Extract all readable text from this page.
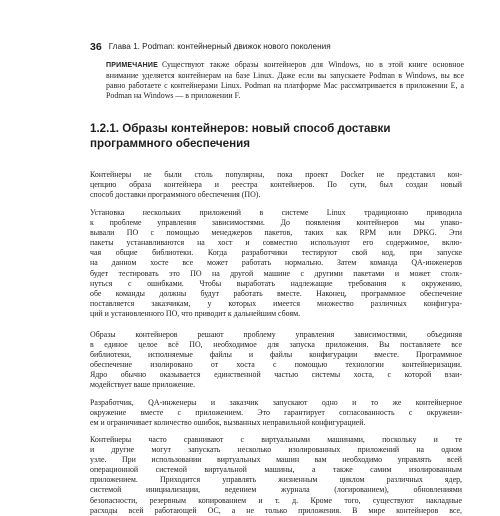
36 Глава 1. Podman: контейнерный движок нового поколения
ПРИМЕЧАНИЕ Существуют также образы контейнеров для Windows, но в этой книге основное внимание уделяется контейнерам на базе Linux. Даже если вы запускаете Podman в Windows, вы все равно работаете с контейнерами Linux. Podman на платформе Mac рассматривается в приложении E, а Podman на Windows — в приложении F.
1.2.1. Образы контейнеров: новый способ доставки программного обеспечения

Контейнеры не были столь популярны, пока проект Docker не представил кон-
цепцию образа контейнера и реестра контейнеров. По сути, был создан новый
способ доставки программного обеспечения (ПО).

Установка нескольких приложений в системе Linux традиционно приводила
к проблеме управления зависимостями. До появления контейнеров мы упако-
вывали ПО с помощью менеджеров пакетов, таких как RPM или DPKG. Эти
пакеты устанавливаются на хост и совместно используют его содержимое, вклю-
чая общие библиотеки. Когда разработчики тестируют свой код, при запуске
на данном хосте все может работать нормально. Затем команда QA-инженеров
будет тестировать это ПО на другой машине с другими пакетами и может столк-
нуться с ошибками. Чтобы выработать надлежащие требования к окружению,
обе команды должны будут работать вместе. Наконец, программное обеспечение
поставляется заказчикам, у которых имеется множество различных конфигура-
ций и установленного ПО, что приводит к дальнейшим сбоям.

Образы контейнеров решают проблему управления зависимостями, объединяя
в единое целое всё ПО, необходимое для запуска приложения. Вы поставляете все
библиотеки, исполняемые файлы и файлы конфигурации вместе. Программное
обеспечение изолировано от хоста с помощью технологии контейнеризации.
Ядро обычно оказывается единственной частью системы хоста, с которой взаи-
модействует ваше приложение.

Разработчик, QA-инженеры и заказчик запускают одно и то же контейнерное
окружение вместе с приложением. Это гарантирует согласованность с окружени-
ем и ограничивает количество ошибок, вызванных неправильной конфигурацией.

Контейнеры часто сравнивают с виртуальными машинами, поскольку и те
и другие могут запускать несколько изолированных приложений на одном
узле. При использовании виртуальных машин вам необходимо управлять всей
операционной системой виртуальной машины, а также самим изолированным
приложением. Приходится управлять жизненным циклом различных ядер,
системой инициализации, ведением журнала (логированием), обновлениями
безопасности, резервным копированием и т. д. Кроме того, существуют накладные
расходы всей работающей ОС, а не только приложения. В мире контейнеров все,
